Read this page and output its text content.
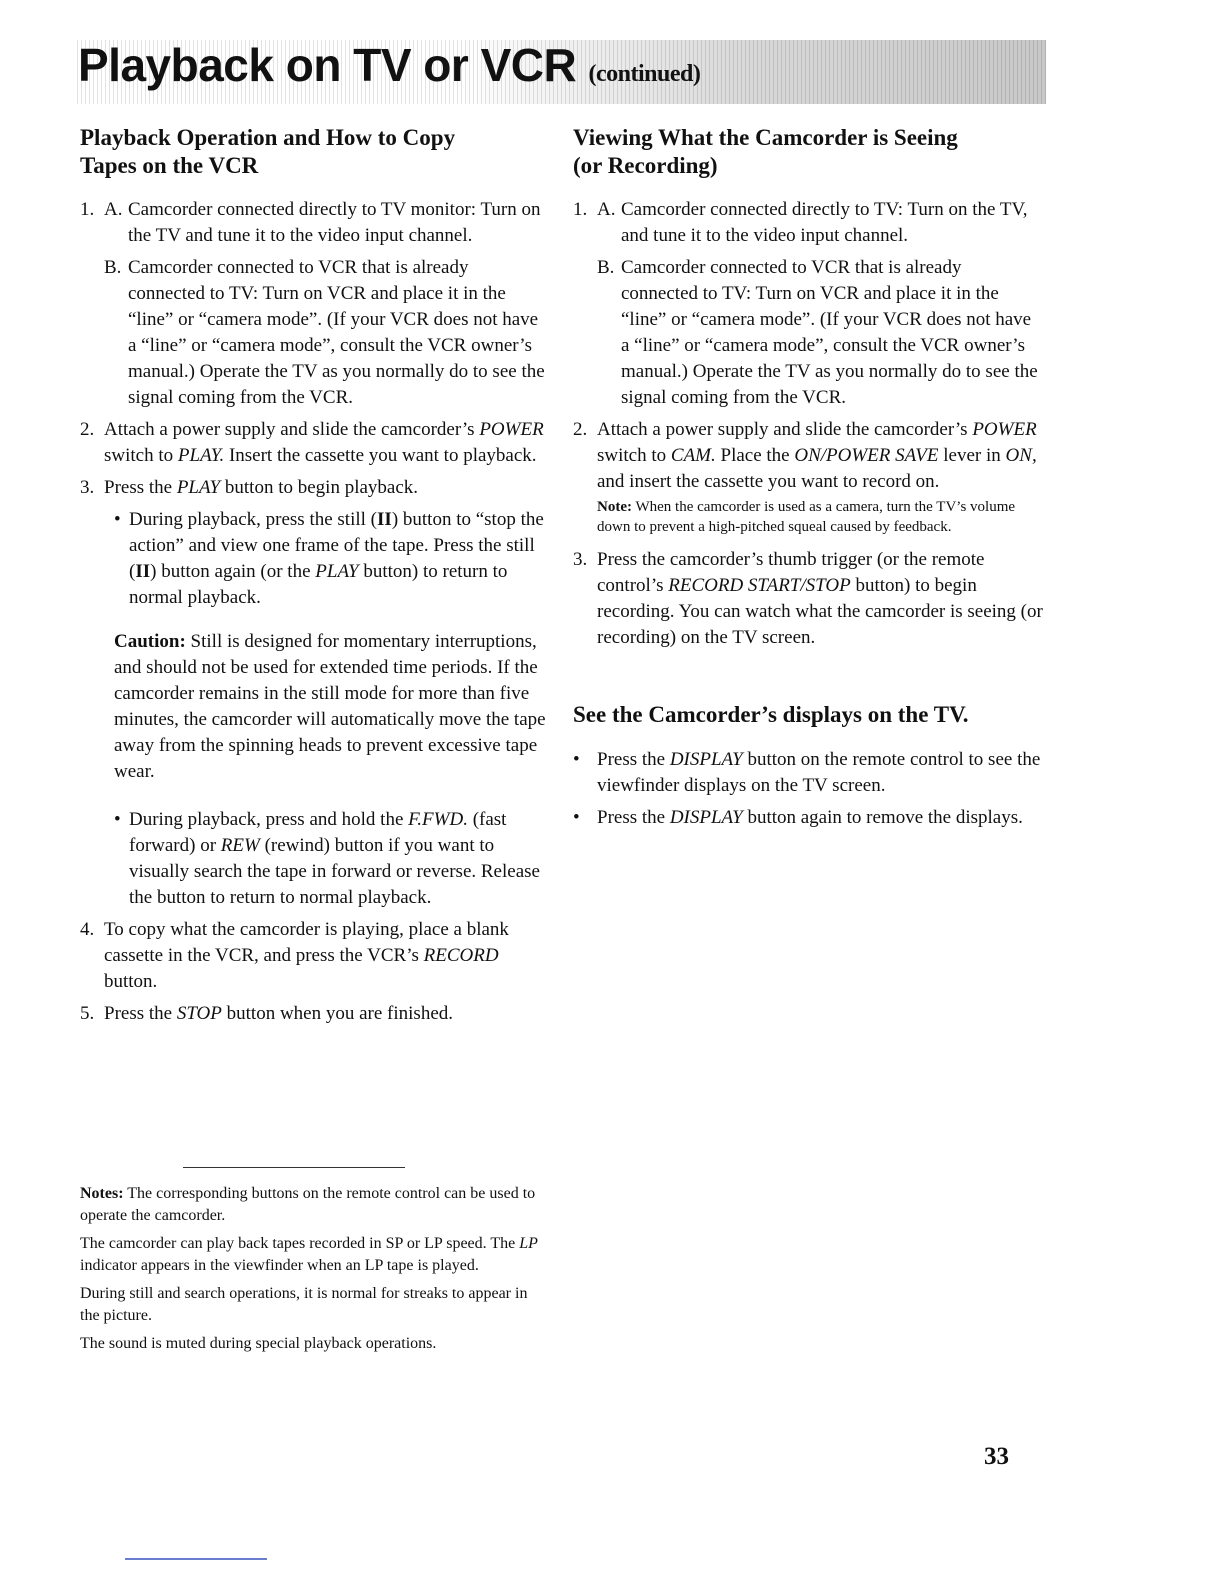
Playback on TV or VCR (continued)
Playback Operation and How to Copy
Tapes on the VCR
1. A. Camcorder connected directly to TV monitor: Turn on the TV and tune it to the video input channel.
B. Camcorder connected to VCR that is already connected to TV: Turn on VCR and place it in the “line” or “camera mode”. (If your VCR does not have a “line” or “camera mode”, consult the VCR owner’s manual.) Operate the TV as you normally do to see the signal coming from the VCR.
2. Attach a power supply and slide the camcorder’s POWER switch to PLAY. Insert the cassette you want to playback.
3. Press the PLAY button to begin playback.
• During playback, press the still (II) button to “stop the action” and view one frame of the tape. Press the still (II) button again (or the PLAY button) to return to normal playback.
Caution: Still is designed for momentary interruptions, and should not be used for extended time periods. If the camcorder remains in the still mode for more than five minutes, the camcorder will automatically move the tape away from the spinning heads to prevent excessive tape wear.
• During playback, press and hold the F.FWD. (fast forward) or REW (rewind) button if you want to visually search the tape in forward or reverse. Release the button to return to normal playback.
4. To copy what the camcorder is playing, place a blank cassette in the VCR, and press the VCR’s RECORD button.
5. Press the STOP button when you are finished.

Notes: The corresponding buttons on the remote control can be used to operate the camcorder.

The camcorder can play back tapes recorded in SP or LP speed. The LP indicator appears in the viewfinder when an LP tape is played.

During still and search operations, it is normal for streaks to appear in the picture.

The sound is muted during special playback operations.

Viewing What the Camcorder is Seeing
(or Recording)
1. A. Camcorder connected directly to TV: Turn on the TV, and tune it to the video input channel.
B. Camcorder connected to VCR that is already connected to TV: Turn on VCR and place it in the “line” or “camera mode”. (If your VCR does not have a “line” or “camera mode”, consult the VCR owner’s manual.) Operate the TV as you normally do to see the signal coming from the VCR.
2. Attach a power supply and slide the camcorder’s POWER switch to CAM. Place the ON/POWER SAVE lever in ON, and insert the cassette you want to record on.
Note: When the camcorder is used as a camera, turn the TV’s volume down to prevent a high-pitched squeal caused by feedback.
3. Press the camcorder’s thumb trigger (or the remote control’s RECORD START/STOP button) to begin recording. You can watch what the camcorder is seeing (or recording) on the TV screen.
See the Camcorder’s displays on the TV.
• Press the DISPLAY button on the remote control to see the viewfinder displays on the TV screen.
• Press the DISPLAY button again to remove the displays.
33
